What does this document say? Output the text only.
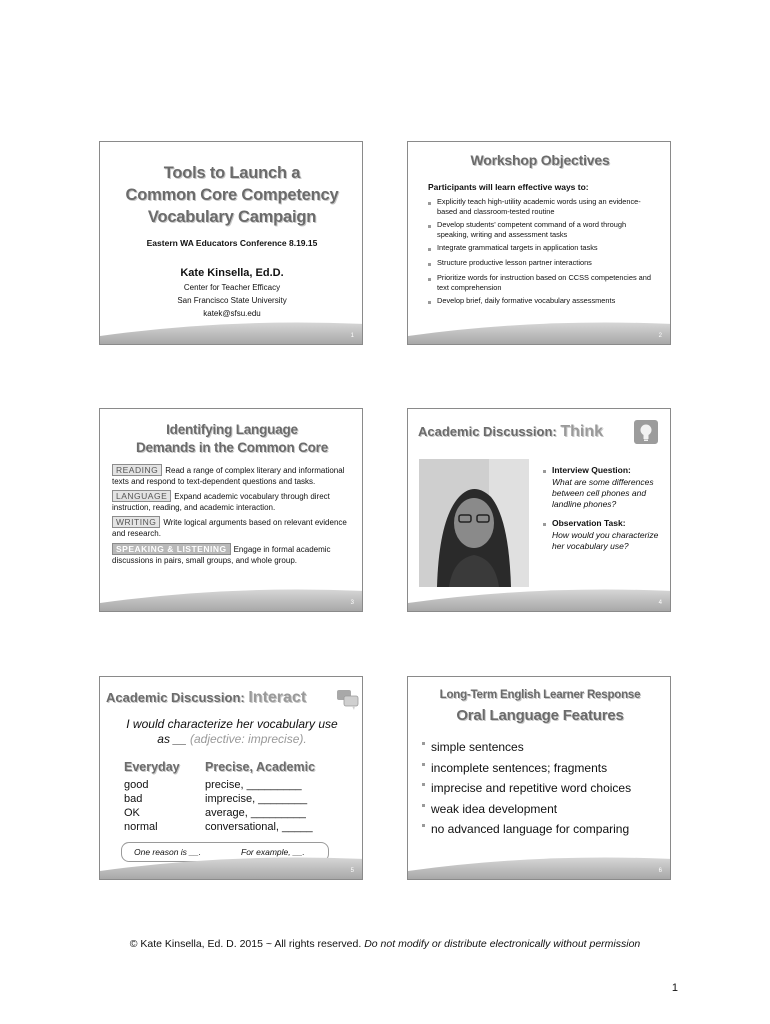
Tools to Launch a
Common Core Competency
Vocabulary Campaign
Eastern WA Educators Conference 8.19.15
Kate Kinsella, Ed.D.
Center for Teacher Efficacy
San Francisco State University
katek@sfsu.edu
1
Workshop Objectives
Participants will learn effective ways to:
Explicitly teach high-utility academic words using an evidence-based and classroom-tested routine
Develop students’ competent command of a word through speaking, writing and assessment tasks
Integrate grammatical targets in application tasks
Structure productive lesson partner interactions
Prioritize words for instruction based on CCSS competencies and text comprehension
Develop brief, daily formative vocabulary assessments
2
Identifying Language
Demands in the Common Core
READING Read a range of complex literary and informational texts and respond to text-dependent questions and tasks.
LANGUAGE Expand academic vocabulary through direct instruction, reading, and academic interaction.
WRITING Write logical arguments based on relevant evidence and research.
SPEAKING & LISTENING Engage in formal academic discussions in pairs, small groups, and whole group.
3
Academic Discussion: Think
Interview Question:
What are some differences between cell phones and landline phones?
Observation Task:
How would you characterize her vocabulary use?
4
Academic Discussion: Interact
I would characterize her vocabulary use
as __ (adjective: imprecise).
Everyday Precise, Academic
good
bad
OK
normal
precise, _________
imprecise, ________
average, _________
conversational, _____
One reason is __.	For example, __.
5
Long-Term English Learner Response
Oral Language Features
simple sentences
incomplete sentences; fragments
imprecise and repetitive word choices
weak idea development
no advanced language for comparing
6
© Kate Kinsella, Ed. D. 2015 ~ All rights reserved. Do not modify or distribute electronically without permission
1
